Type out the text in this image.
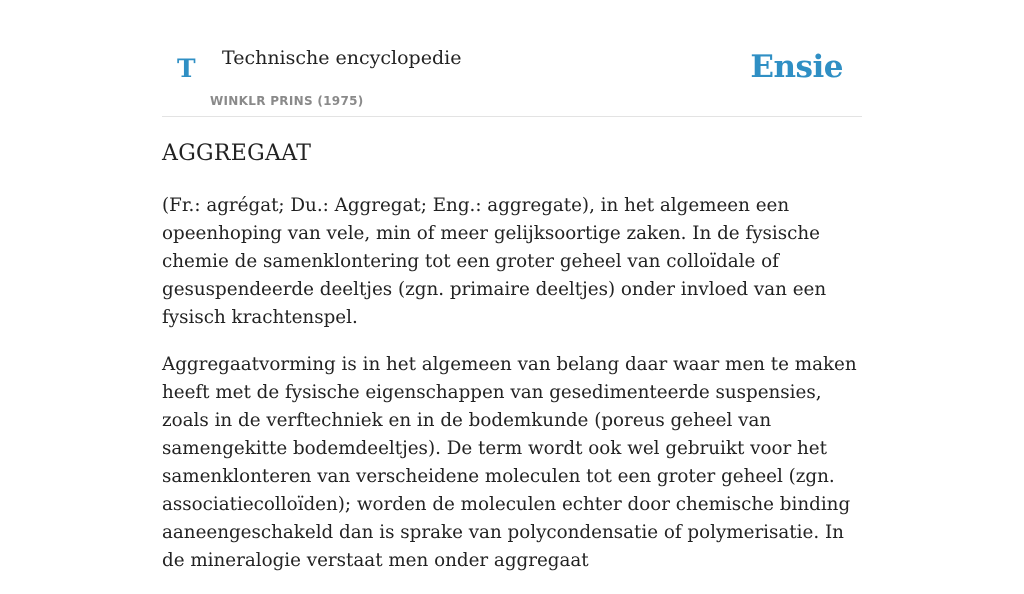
T Technische encyclopedie
WINKLR PRINS (1975)
Ensie
AGGREGAAT

(Fr.: agrégat; Du.: Aggregat; Eng.: aggregate), in het algemeen een opeenhoping van vele, min of meer gelijksoortige zaken. In de fysische chemie de samenklontering tot een groter geheel van colloïdale of gesuspendeerde deeltjes (zgn. primaire deeltjes) onder invloed van een fysisch krachtenspel.

Aggregaatvorming is in het algemeen van belang daar waar men te maken heeft met de fysische eigenschappen van gesedimenteerde suspensies, zoals in de verftechniek en in de bodemkunde (poreus geheel van samengekitte bodemdeeltjes). De term wordt ook wel gebruikt voor het samenklonteren van verscheidene moleculen tot een groter geheel (zgn. associatiecolloïden); worden de moleculen echter door chemische binding aaneengeschakeld dan is sprake van polycondensatie of polymerisatie. In de mineralogie verstaat men onder aggregaat
